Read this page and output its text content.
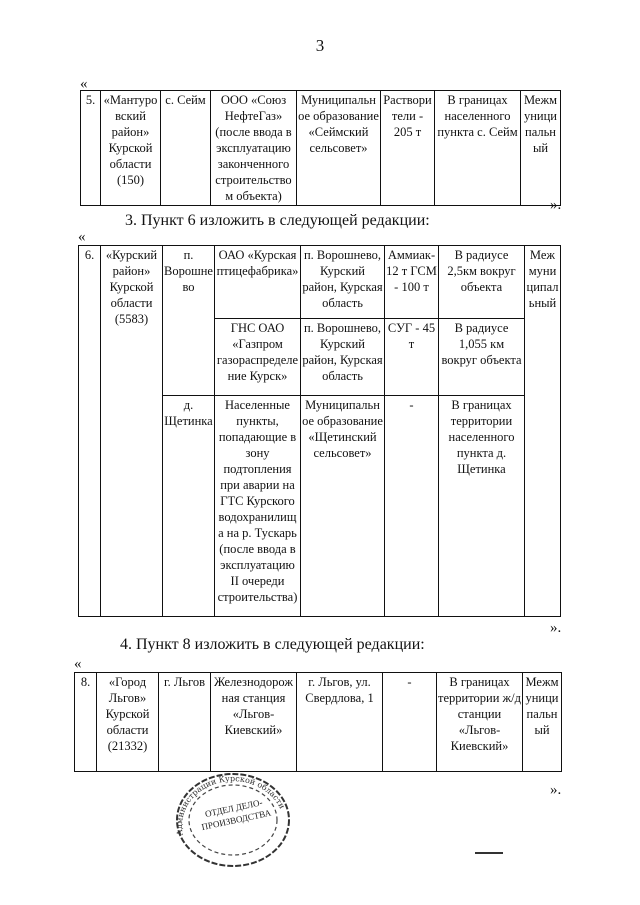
3
«
5.	«Мантуровский район» Курской области (150)	с. Сейм	ООО «Союз НефтеГаз» (после ввода в эксплуатацию законченного строительством объекта)	Муниципальное образование «Сеймский сельсовет»	Растворители - 205 т	В границах населенного пункта с. Сейм	Межмуниципальный
».
3. Пункт 6 изложить в следующей редакции:
«
6.	«Курский район» Курской области (5583)	п. Ворошнево	ОАО «Курская птицефабрика»	п. Ворошнево, Курский район, Курская область	Аммиак-12 т ГСМ - 100 т	В радиусе 2,5км вокруг объекта	Межмуниципальный
			ГНС ОАО «Газпром газораспределение Курск»	п. Ворошнево, Курский район, Курская область	СУГ - 45 т	В радиусе 1,055 км вокруг объекта	
		д. Щетинка	Населенные пункты, попадающие в зону подтопления при аварии на ГТС Курского водохранилища на р. Тускарь (после ввода в эксплуатацию II очереди строительства)	Муниципальное образование «Щетинский сельсовет»	-	В границах территории населенного пункта д. Щетинка	
».
4. Пункт 8 изложить в следующей редакции:
«
8.	«Город Льгов» Курской области (21332)	г. Льгов	Железнодорожная станция «Льгов-Киевский»	г. Льгов, ул. Свердлова, 1	-	В границах территории ж/д станции «Льгов-Киевский»	Межмуниципальный
».
Администрации Курской области
ОТДЕЛ ДЕЛО- ПРОИЗВОДСТВА
